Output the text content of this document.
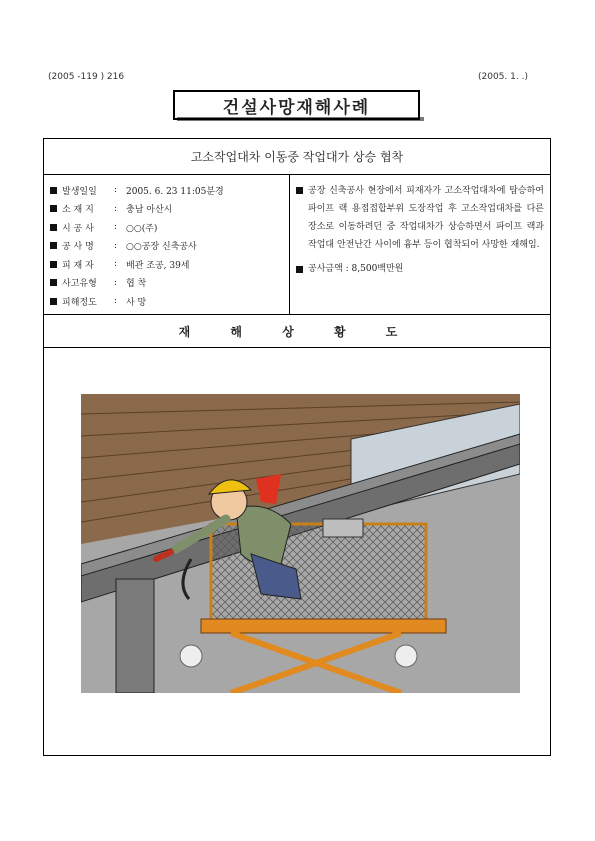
(2005 -119 ) 216	(2005. 1. .)
건설사망재해사례
고소작업대차 이동중 작업대가 상승 협착
발생일일	: 2005. 6. 23 11:05분경
소 재 지	: 충남 아산시
시 공 사	: ○○(주)
공 사 명	: ○○공장 신축공사
피 재 자	: 배관 조공, 39세
사고유형	: 협 착
피해정도	: 사 망
공장 신축공사 현장에서 피재자가 고소작업대차에 탑승하여 파이프 랙 용접접합부위 도장작업 후 고소작업대차를 다른 장소로 이동하려던 중 작업대차가 상승하면서 파이프 랙과 작업대 안전난간 사이에 흉부 등이 협착되어 사망한 재해임.
공사금액 : 8,500백만원
재 해 상 황 도
